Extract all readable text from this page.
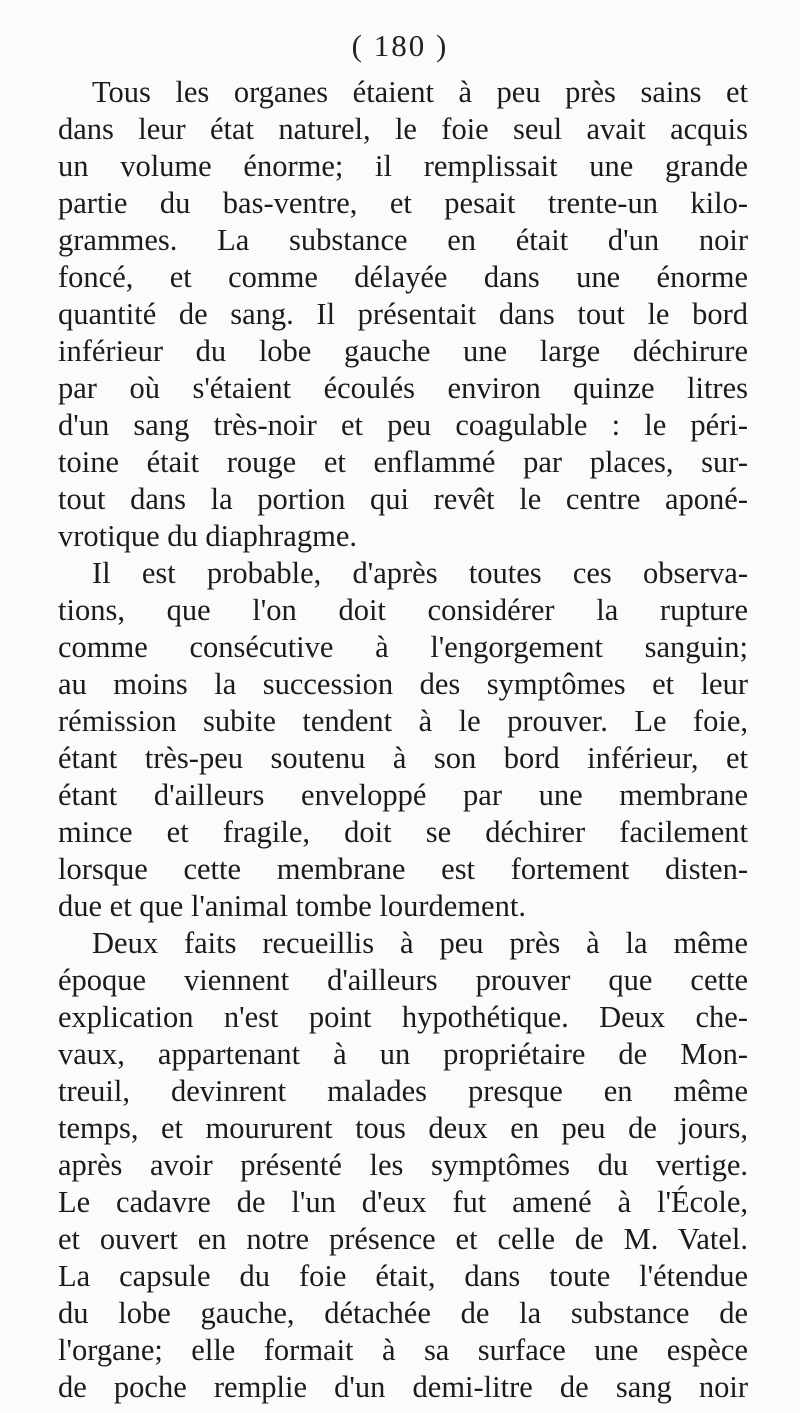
( 180 )
Tous les organes étaient à peu près sains et
dans leur état naturel, le foie seul avait acquis
un volume énorme; il remplissait une grande
partie du bas-ventre, et pesait trente-un kilo-
grammes. La substance en était d'un noir
foncé, et comme délayée dans une énorme
quantité de sang. Il présentait dans tout le bord
inférieur du lobe gauche une large déchirure
par où s'étaient écoulés environ quinze litres
d'un sang très-noir et peu coagulable : le péri-
toine était rouge et enflammé par places, sur-
tout dans la portion qui revêt le centre aponé-
vrotique du diaphragme.
Il est probable, d'après toutes ces observa-
tions, que l'on doit considérer la rupture
comme consécutive à l'engorgement sanguin;
au moins la succession des symptômes et leur
rémission subite tendent à le prouver. Le foie,
étant très-peu soutenu à son bord inférieur, et
étant d'ailleurs enveloppé par une membrane
mince et fragile, doit se déchirer facilement
lorsque cette membrane est fortement disten-
due et que l'animal tombe lourdement.
Deux faits recueillis à peu près à la même
époque viennent d'ailleurs prouver que cette
explication n'est point hypothétique. Deux che-
vaux, appartenant à un propriétaire de Mon-
treuil, devinrent malades presque en même
temps, et moururent tous deux en peu de jours,
après avoir présenté les symptômes du vertige.
Le cadavre de l'un d'eux fut amené à l'École,
et ouvert en notre présence et celle de M. Vatel.
La capsule du foie était, dans toute l'étendue
du lobe gauche, détachée de la substance de
l'organe; elle formait à sa surface une espèce
de poche remplie d'un demi-litre de sang noir
